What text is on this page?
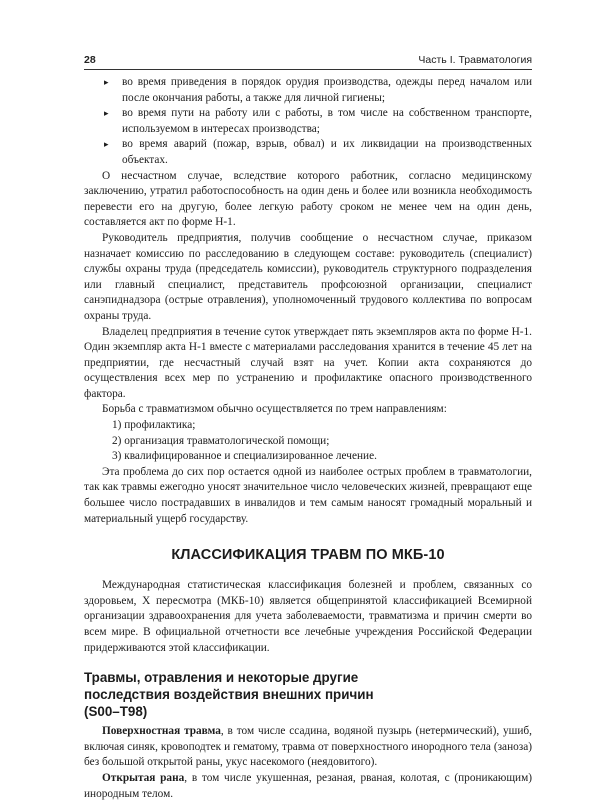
28	Часть I. Травматология
▸ во время приведения в порядок орудия производства, одежды перед началом или после окончания работы, а также для личной гигиены;
▸ во время пути на работу или с работы, в том числе на собственном транспорте, используемом в интересах производства;
▸ во время аварий (пожар, взрыв, обвал) и их ликвидации на производственных объектах.

О несчастном случае, вследствие которого работник, согласно медицинскому заключению, утратил работоспособность на один день и более или возникла необходимость перевести его на другую, более легкую работу сроком не менее чем на один день, составляется акт по форме Н-1.

Руководитель предприятия, получив сообщение о несчастном случае, приказом назначает комиссию по расследованию в следующем составе: руководитель (специалист) службы охраны труда (председатель комиссии), руководитель структурного подразделения или главный специалист, представитель профсоюзной организации, специалист санэпиднадзора (острые отравления), уполномоченный трудового коллектива по вопросам охраны труда.

Владелец предприятия в течение суток утверждает пять экземпляров акта по форме Н-1. Один экземпляр акта Н-1 вместе с материалами расследования хранится в течение 45 лет на предприятии, где несчастный случай взят на учет. Копии акта сохраняются до осуществления всех мер по устранению и профилактике опасного производственного фактора.

Борьба с травматизмом обычно осуществляется по трем направлениям:

1) профилактика;
2) организация травматологической помощи;
3) квалифицированное и специализированное лечение.

Эта проблема до сих пор остается одной из наиболее острых проблем в травматологии, так как травмы ежегодно уносят значительное число человеческих жизней, превращают еще большее число пострадавших в инвалидов и тем самым наносят громадный моральный и материальный ущерб государству.

КЛАССИФИКАЦИЯ ТРАВМ ПО МКБ-10

Международная статистическая классификация болезней и проблем, связанных со здоровьем, X пересмотра (МКБ-10) является общепринятой классификацией Всемирной организации здравоохранения для учета заболеваемости, травматизма и причин смерти во всем мире. В официальной отчетности все лечебные учреждения Российской Федерации придерживаются этой классификации.

Травмы, отравления и некоторые другие последствия воздействия внешних причин (S00–T98)

Поверхностная травма, в том числе ссадина, водяной пузырь (нетермический), ушиб, включая синяк, кровоподтек и гематому, травма от поверхностного инородного тела (заноза) без большой открытой раны, укус насекомого (неядовитого).

Открытая рана, в том числе укушенная, резаная, рваная, колотая, с (проникающим) инородным телом.
